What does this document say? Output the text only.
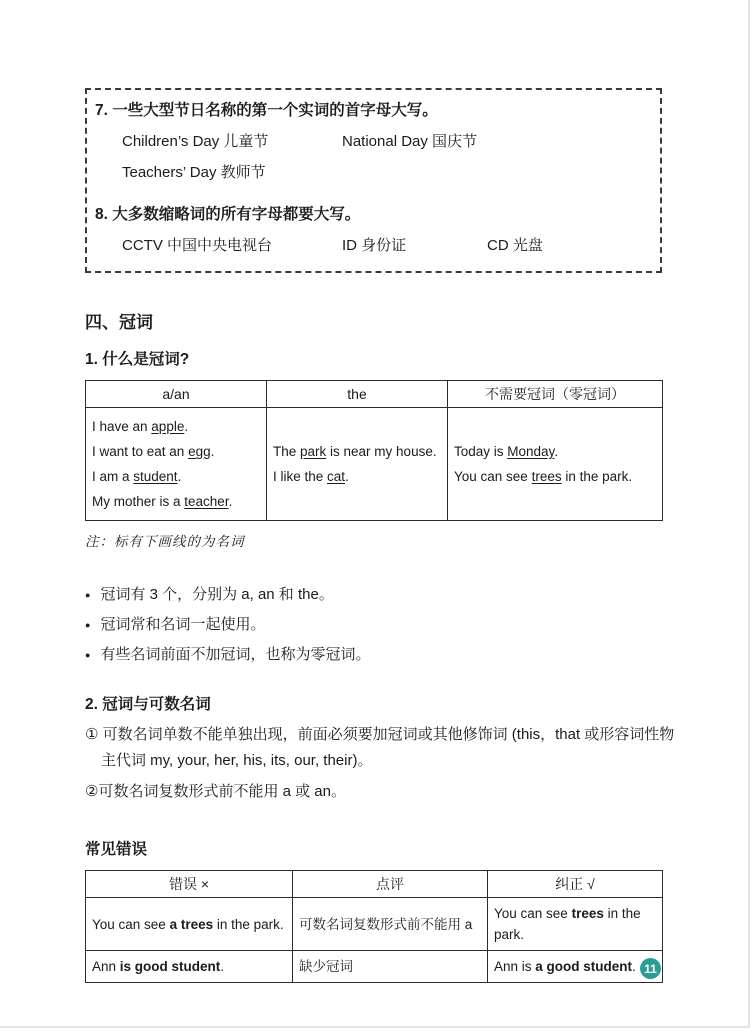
7. 一些大型节日名称的第一个实词的首字母大写。
Children’s Day 儿童节	National Day 国庆节
Teachers’ Day 教师节
8. 大多数缩略词的所有字母都要大写。
CCTV 中国中央电视台	ID 身份证	CD 光盘
四、冠词
1. 什么是冠词?
a/an	the	不需要冠词（零冠词）

I have an apple.
I want to eat an egg.
I am a student.
My mother is a teacher.

The park is near my house.
I like the cat.

Today is Monday.
You can see trees in the park.
注：标有下画线的为名词
● 冠词有 3 个，分别为 a, an 和 the。
● 冠词常和名词一起使用。
● 有些名词前面不加冠词，也称为零冠词。
2. 冠词与可数名词
① 可数名词单数不能单独出现，前面必须要加冠词或其他修饰词 (this，that 或形容词性物主代词 my, your, her, his, its, our, their)。
②可数名词复数形式前不能用 a 或 an。
常见错误
错误 ×	点评	纠正 √
You can see a trees in the park.	可数名词复数形式前不能用 a	You can see trees in the park.
Ann is good student.	缺少冠词	Ann is a good student. 11
